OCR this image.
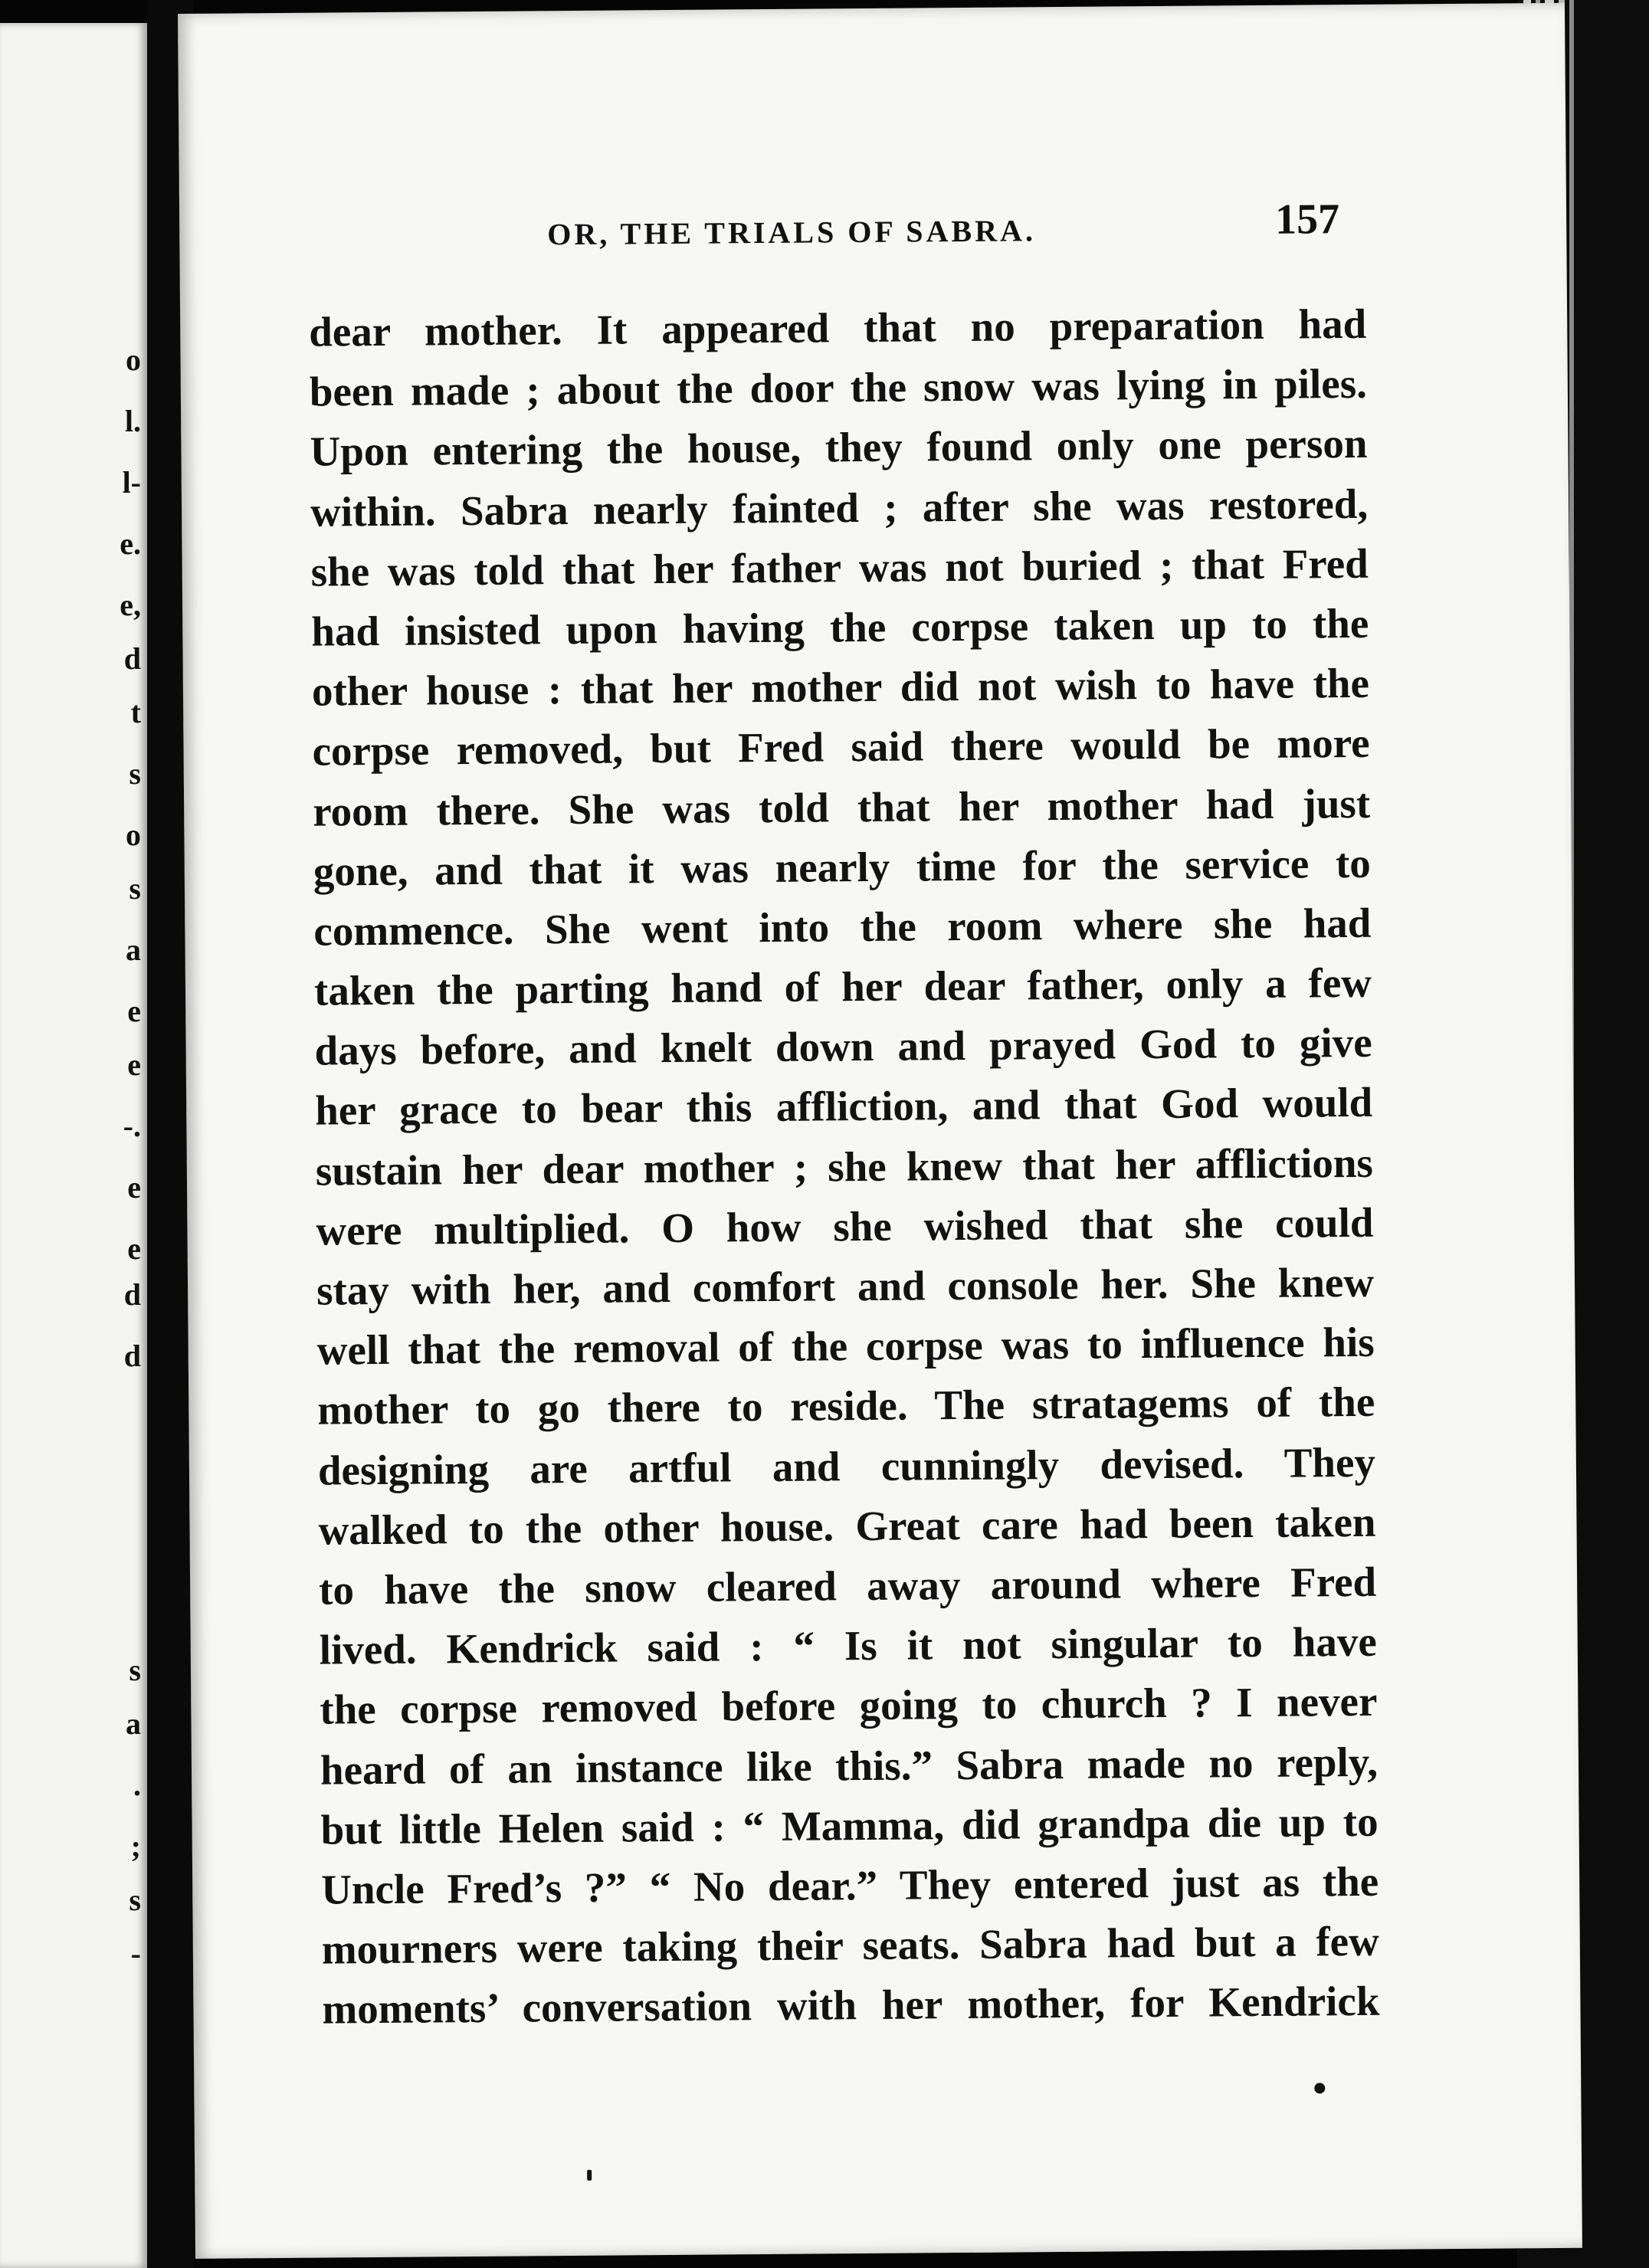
o
l.
l-
e.
e,
d
t
s
o
s
a
e
e
-.
e
e
d
d
s
a
.
;
s
-
OR, THE TRIALS OF SABRA.	157
dear mother. It appeared that no preparation had
been made ; about the door the snow was lying in piles.
Upon entering the house, they found only one person
within. Sabra nearly fainted ; after she was restored,
she was told that her father was not buried ; that Fred
had insisted upon having the corpse taken up to the
other house : that her mother did not wish to have the
corpse removed, but Fred said there would be more
room there. She was told that her mother had just
gone, and that it was nearly time for the service to
commence. She went into the room where she had
taken the parting hand of her dear father, only a few
days before, and knelt down and prayed God to give
her grace to bear this affliction, and that God would
sustain her dear mother ; she knew that her afflictions
were multiplied. O how she wished that she could
stay with her, and comfort and console her. She knew
well that the removal of the corpse was to influence his
mother to go there to reside. The stratagems of the
designing are artful and cunningly devised. They
walked to the other house. Great care had been taken
to have the snow cleared away around where Fred
lived. Kendrick said : “ Is it not singular to have
the corpse removed before going to church ? I never
heard of an instance like this.” Sabra made no reply,
but little Helen said : “ Mamma, did grandpa die up to
Uncle Fred’s ?” “ No dear.” They entered just as the
mourners were taking their seats. Sabra had but a few
moments’ conversation with her mother, for Kendrick
